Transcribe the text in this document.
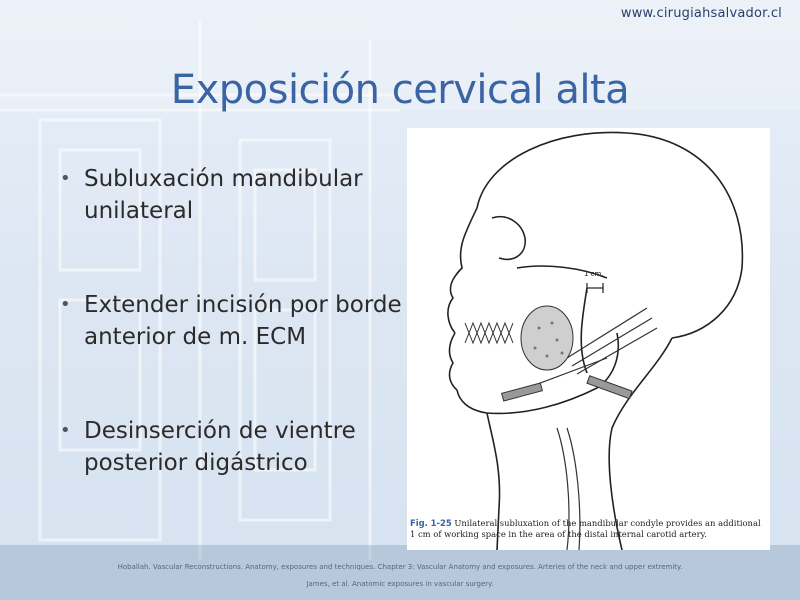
www.cirugiahsalvador.cl
Exposición cervical alta
• Subluxación mandibular unilateral
• Extender incisión por borde anterior de m. ECM
• Desinserción de vientre posterior digástrico
1 cm.
Fig. 1-25 Unilateral subluxation of the mandibular condyle provides an additional 1 cm of working space in the area of the distal internal carotid artery.
Hoballah. Vascular Reconstructions. Anatomy, exposures and techniques. Chapter 3: Vascular Anatomy and exposures. Arteries of the neck and upper extremity.
James, et al. Anatomic exposures in vascular surgery.
